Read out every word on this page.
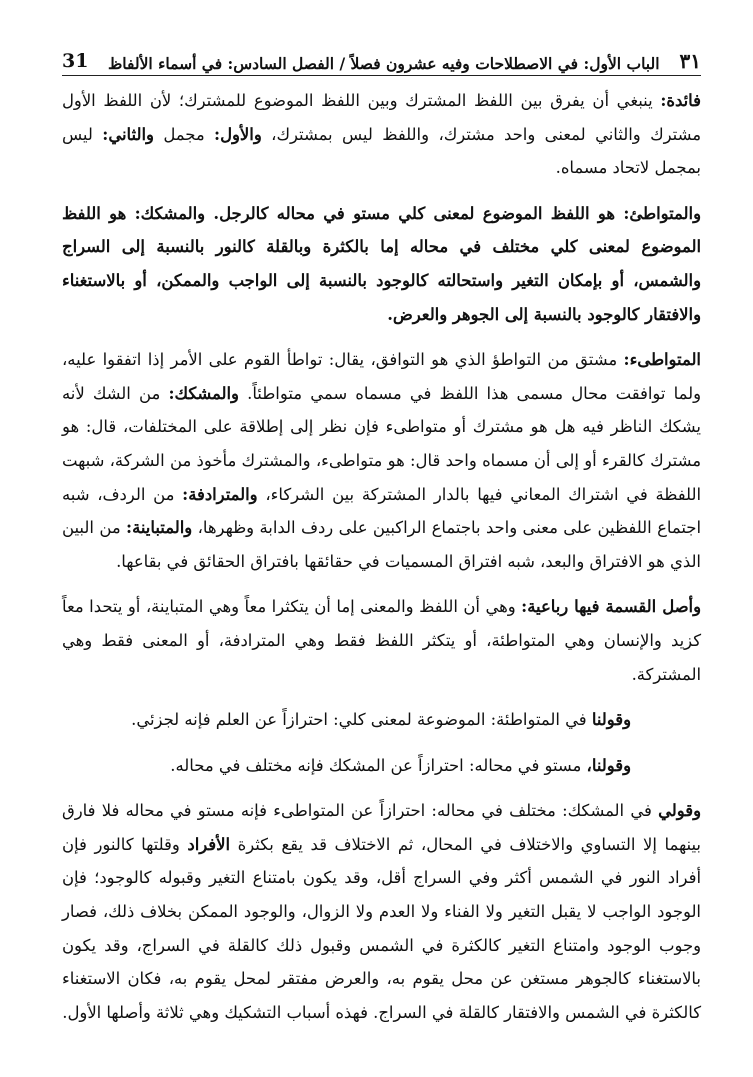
٣١
الباب الأول: في الاصطلاحات وفيه عشرون فصلاً / الفصل السادس: في أسماء الألفاظ
31

فائدة: ينبغي أن يفرق بين اللفظ المشترك وبين اللفظ الموضوع للمشترك؛ لأن اللفظ الأول مشترك والثاني لمعنى واحد مشترك، واللفظ ليس بمشترك، والأول: مجمل والثاني: ليس بمجمل لاتحاد مسماه.

والمتواطئ: هو اللفظ الموضوع لمعنى كلي مستو في محاله كالرجل. والمشكك: هو اللفظ الموضوع لمعنى كلي مختلف في محاله إما بالكثرة وبالقلة كالنور بالنسبة إلى السراج والشمس، أو بإمكان التغير واستحالته كالوجود بالنسبة إلى الواجب والممكن، أو بالاستغناء والافتقار كالوجود بالنسبة إلى الجوهر والعرض.

المتواطىء: مشتق من التواطؤ الذي هو التوافق، يقال: تواطأ القوم على الأمر إذا اتفقوا عليه، ولما توافقت محال مسمى هذا اللفظ في مسماه سمي متواطئاً. والمشكك: من الشك لأنه يشكك الناظر فيه هل هو مشترك أو متواطىء فإن نظر إلى إطلاقة على المختلفات، قال: هو مشترك كالقرء أو إلى أن مسماه واحد قال: هو متواطىء، والمشترك مأخوذ من الشركة، شبهت اللفظة في اشتراك المعاني فيها بالدار المشتركة بين الشركاء، والمترادفة: من الردف، شبه اجتماع اللفظين على معنى واحد باجتماع الراكبين على ردف الدابة وظهرها، والمتباينة: من البين الذي هو الافتراق والبعد، شبه افتراق المسميات في حقائقها بافتراق الحقائق في بقاعها.

وأصل القسمة فيها رباعية: وهي أن اللفظ والمعنى إما أن يتكثرا معاً وهي المتباينة، أو يتحدا معاً كزيد والإنسان وهي المتواطئة، أو يتكثر اللفظ فقط وهي المترادفة، أو المعنى فقط وهي المشتركة.

وقولنا في المتواطئة: الموضوعة لمعنى كلي: احترازاً عن العلم فإنه لجزئي.

وقولنا، مستو في محاله: احترازاً عن المشكك فإنه مختلف في محاله.

وقولي في المشكك: مختلف في محاله: احترازاً عن المتواطىء فإنه مستو في محاله فلا فارق بينهما إلا التساوي والاختلاف في المحال، ثم الاختلاف قد يقع بكثرة الأفراد وقلتها كالنور فإن أفراد النور في الشمس أكثر وفي السراج أقل، وقد يكون بامتناع التغير وقبوله كالوجود؛ فإن الوجود الواجب لا يقبل التغير ولا الفناء ولا العدم ولا الزوال، والوجود الممكن بخلاف ذلك، فصار وجوب الوجود وامتناع التغير كالكثرة في الشمس وقبول ذلك كالقلة في السراج، وقد يكون بالاستغناء كالجوهر مستغن عن محل يقوم به، والعرض مفتقر لمحل يقوم به، فكان الاستغناء كالكثرة في الشمس والافتقار كالقلة في السراج. فهذه أسباب التشكيك وهي ثلاثة وأصلها الأول.
